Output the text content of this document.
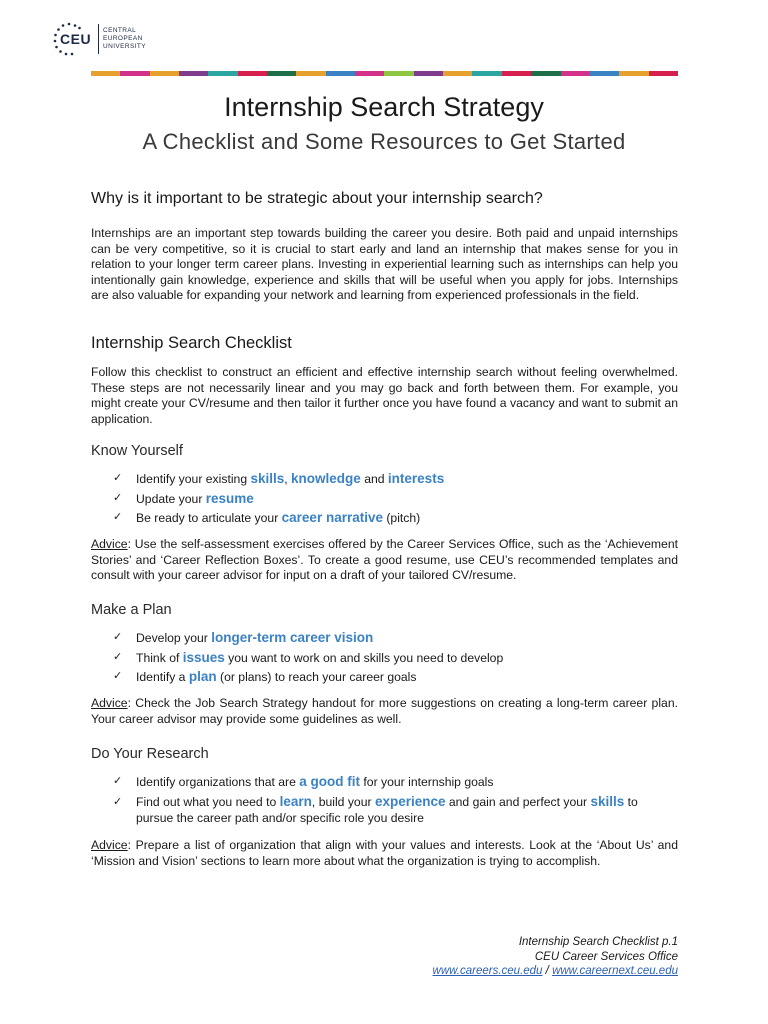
CEU
CENTRAL
EUROPEAN
UNIVERSITY
Internship Search Strategy
A Checklist and Some Resources to Get Started
Why is it important to be strategic about your internship search?
Internships are an important step towards building the career you desire. Both paid and unpaid internships can be very competitive, so it is crucial to start early and land an internship that makes sense for you in relation to your longer term career plans. Investing in experiential learning such as internships can help you intentionally gain knowledge, experience and skills that will be useful when you apply for jobs. Internships are also valuable for expanding your network and learning from experienced professionals in the field.
Internship Search Checklist
Follow this checklist to construct an efficient and effective internship search without feeling overwhelmed. These steps are not necessarily linear and you may go back and forth between them. For example, you might create your CV/resume and then tailor it further once you have found a vacancy and want to submit an application.
Know Yourself
✓ Identify your existing skills, knowledge and interests
✓ Update your resume
✓ Be ready to articulate your career narrative (pitch)
Advice: Use the self-assessment exercises offered by the Career Services Office, such as the ‘Achievement Stories’ and ‘Career Reflection Boxes’. To create a good resume, use CEU’s recommended templates and consult with your career advisor for input on a draft of your tailored CV/resume.
Make a Plan
✓ Develop your longer-term career vision
✓ Think of issues you want to work on and skills you need to develop
✓ Identify a plan (or plans) to reach your career goals
Advice: Check the Job Search Strategy handout for more suggestions on creating a long-term career plan. Your career advisor may provide some guidelines as well.
Do Your Research
✓ Identify organizations that are a good fit for your internship goals
✓ Find out what you need to learn, build your experience and gain and perfect your skills to pursue the career path and/or specific role you desire
Advice: Prepare a list of organization that align with your values and interests. Look at the ‘About Us’ and ‘Mission and Vision’ sections to learn more about what the organization is trying to accomplish.
Internship Search Checklist p.1
CEU Career Services Office
www.careers.ceu.edu / www.careernext.ceu.edu
